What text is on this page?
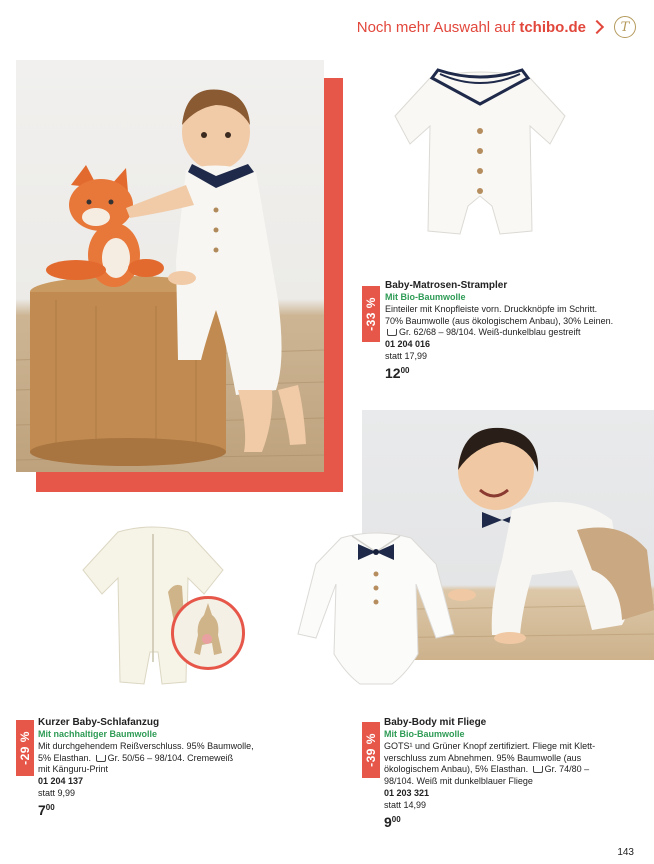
Noch mehr Auswahl auf tchibo.de	T
-33 %
Baby-Matrosen-Strampler
Mit Bio-Baumwolle
Einteiler mit Knopfleiste vorn. Druckknöpfe im Schritt.
70% Baumwolle (aus ökologischem Anbau), 30% Leinen.
Gr. 62/68 – 98/104. Weiß-dunkelblau gestreift
01 204 016
statt 17,99
$12^{00}$
-29 %
Kurzer Baby-Schlafanzug
Mit nachhaltiger Baumwolle
Mit durchgehendem Reißverschluss. 95% Baumwolle,
5% Elasthan. Gr. 50/56 – 98/104. Cremeweiß
mit Känguru-Print
01 204 137
statt 9,99
$7^{00}$
-39 %
Baby-Body mit Fliege
Mit Bio-Baumwolle
GOTS¹ und Grüner Knopf zertifiziert. Fliege mit Klett-
verschluss zum Abnehmen. 95% Baumwolle (aus
ökologischem Anbau), 5% Elasthan. Gr. 74/80 –
98/104. Weiß mit dunkelblauer Fliege
01 203 321
statt 14,99
$9^{00}$
143
